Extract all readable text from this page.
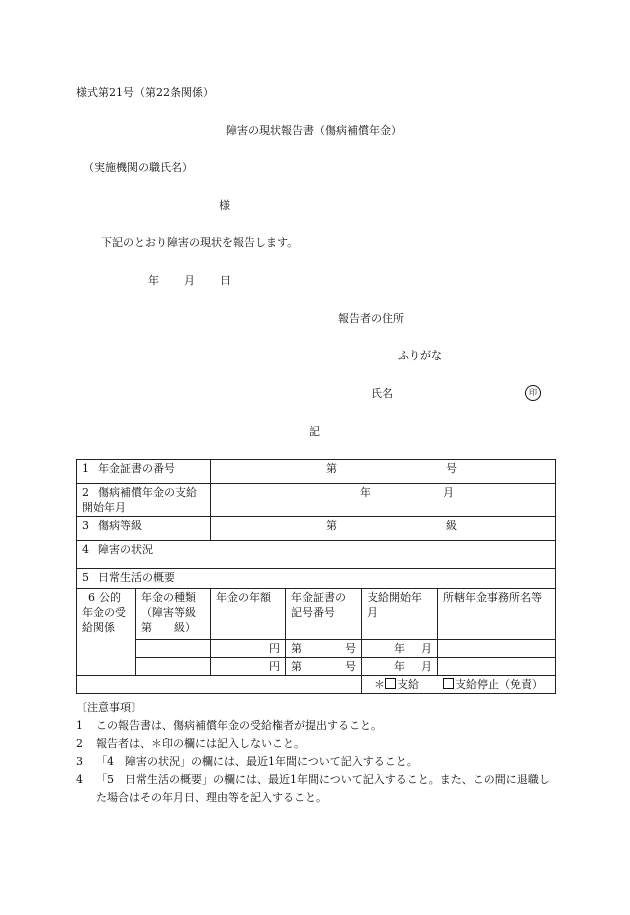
様式第21号（第22条関係）
障害の現状報告書（傷病補償年金）
（実施機関の職氏名）
様
下記のとおり障害の現状を報告します。
年 月 日
報告者の住所
ふりがな
氏名	印
記
1 年金証書の番号		第 号			
2 傷病補償年金の支給開始年月		年 月			
3 傷病等級		第 級			
4 障害の状況					
5 日常生活の概要					
6 公的年金の受給関係	年金の種類（障害等級第　　級）	年金の年額	年金証書の記号番号	支給開始年月	所轄年金事務所名等
		円	第 号	年 月	
		円	第 号	年 月	
				＊ 支給 支給停止（免責）	
〔注意事項〕
1	この報告書は、傷病補償年金の受給権者が提出すること。
2	報告者は、＊印の欄には記入しないこと。
3	「4　障害の状況」の欄には、最近1年間について記入すること。
4	「5　日常生活の概要」の欄には、最近1年間について記入すること。また、この間に退職した場合はその年月日、理由等を記入すること。
